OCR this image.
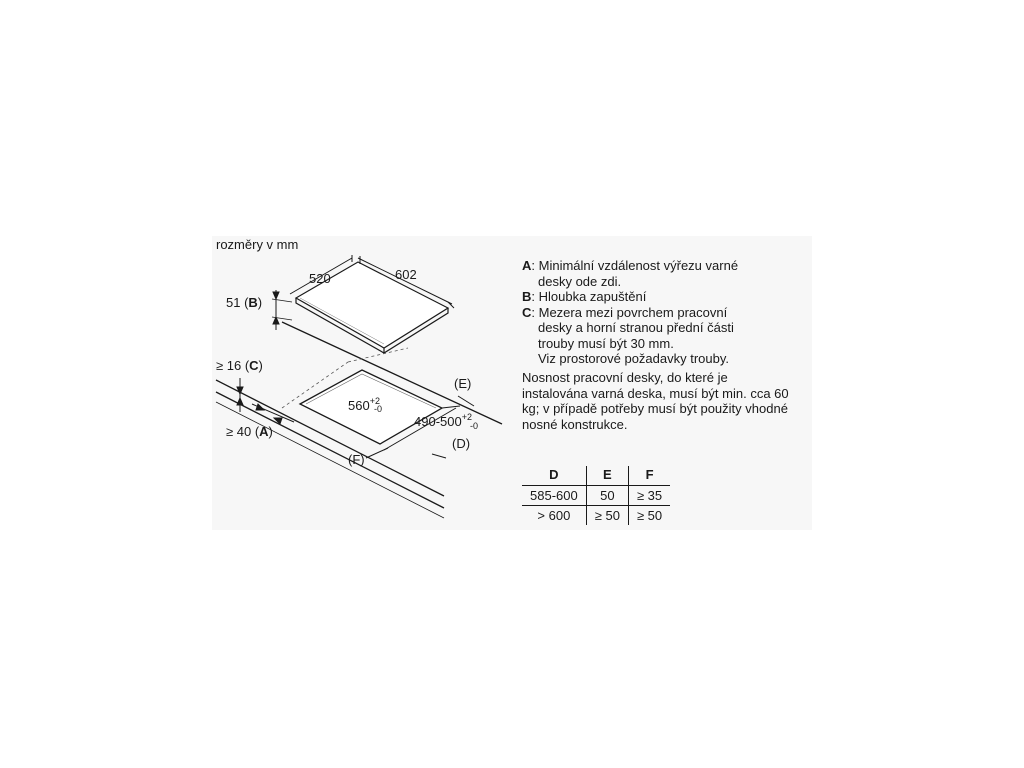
rozměry v mm
520	602
51 (B)
$560^{+2}$
-0
$490-500^{+2}$
-0
(E)
(D)
(F)
≥ 16 (C)
≥ 40 (A)
A: Minimální vzdálenost výřezu varné
desky ode zdi.
B: Hloubka zapuštění
C: Mezera mezi povrchem pracovní
desky a horní stranou přední části
trouby musí být 30 mm.
Viz prostorové požadavky trouby.
Nosnost pracovní desky, do které je instalována varná deska, musí být min. cca 60 kg; v případě potřeby musí být použity vhodné nosné konstrukce.
D	E	F
585-600	50	≥ 35
> 600	≥ 50	≥ 50
